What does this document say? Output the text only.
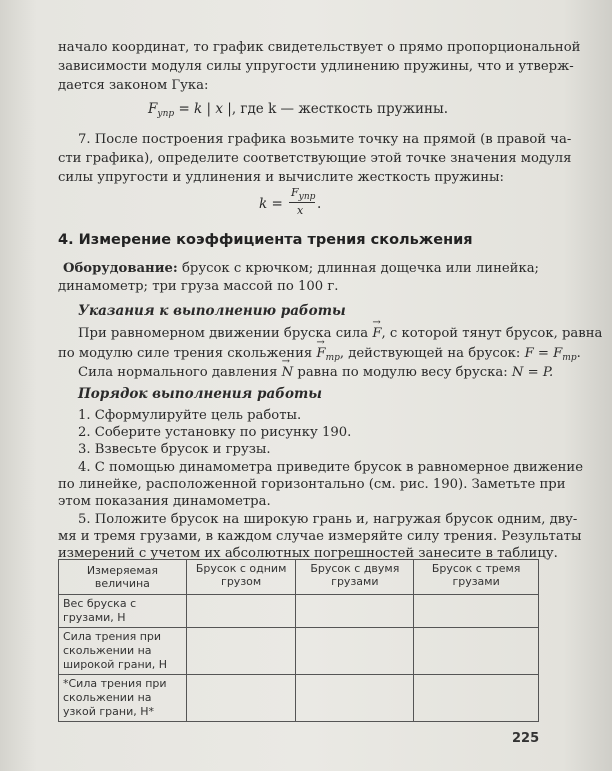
начало координат, то график свидетельствует о прямо пропорциональной
зависимости модуля силы упругости удлинению пружины, что и утверж-
дается законом Гука:
$F_{упр} = k$ | x |, где k — жесткость пружины.
7. После построения графика возьмите точку на прямой (в правой ча-
сти графика), определите соответствующие этой точке значения модуля
силы упругости и удлинения и вычислите жесткость пружины:
k =
$F_{упр}$
x .
4. Измерение коэффициента трения скольжения
Оборудование: брусок с крючком; длинная дощечка или линейка;
динамометр; три груза массой по 100 г.
Указания к выполнению работы
При равномерном движении бруска сила → F, с которой тянут брусок, равна
по модулю силе трения скольжения → $F_{тр}$, действующей на брусок: $F = F_{тр}$.
Сила нормального давления → N равна по модулю весу бруска: N = P.
Порядок выполнения работы
1. Сформулируйте цель работы.
2. Соберите установку по рисунку 190.
3. Взвесьте брусок и грузы.
4. С помощью динамометра приведите брусок в равномерное движение
по линейке, расположенной горизонтально (см. рис. 190). Заметьте при
этом показания динамометра.
5. Положите брусок на широкую грань и, нагружая брусок одним, дву-
мя и тремя грузами, в каждом случае измеряйте силу трения. Результаты
измерений с учетом их абсолютных погрешностей занесите в таблицу.
Измеряемая величина	Брусок с одним грузом	Брусок с двумя грузами	Брусок с тремя грузами
Вес бруска с грузами, Н			
Сила трения при скольжении на широкой грани, Н			
*Сила трения при скольжении на узкой грани, Н*			
225
